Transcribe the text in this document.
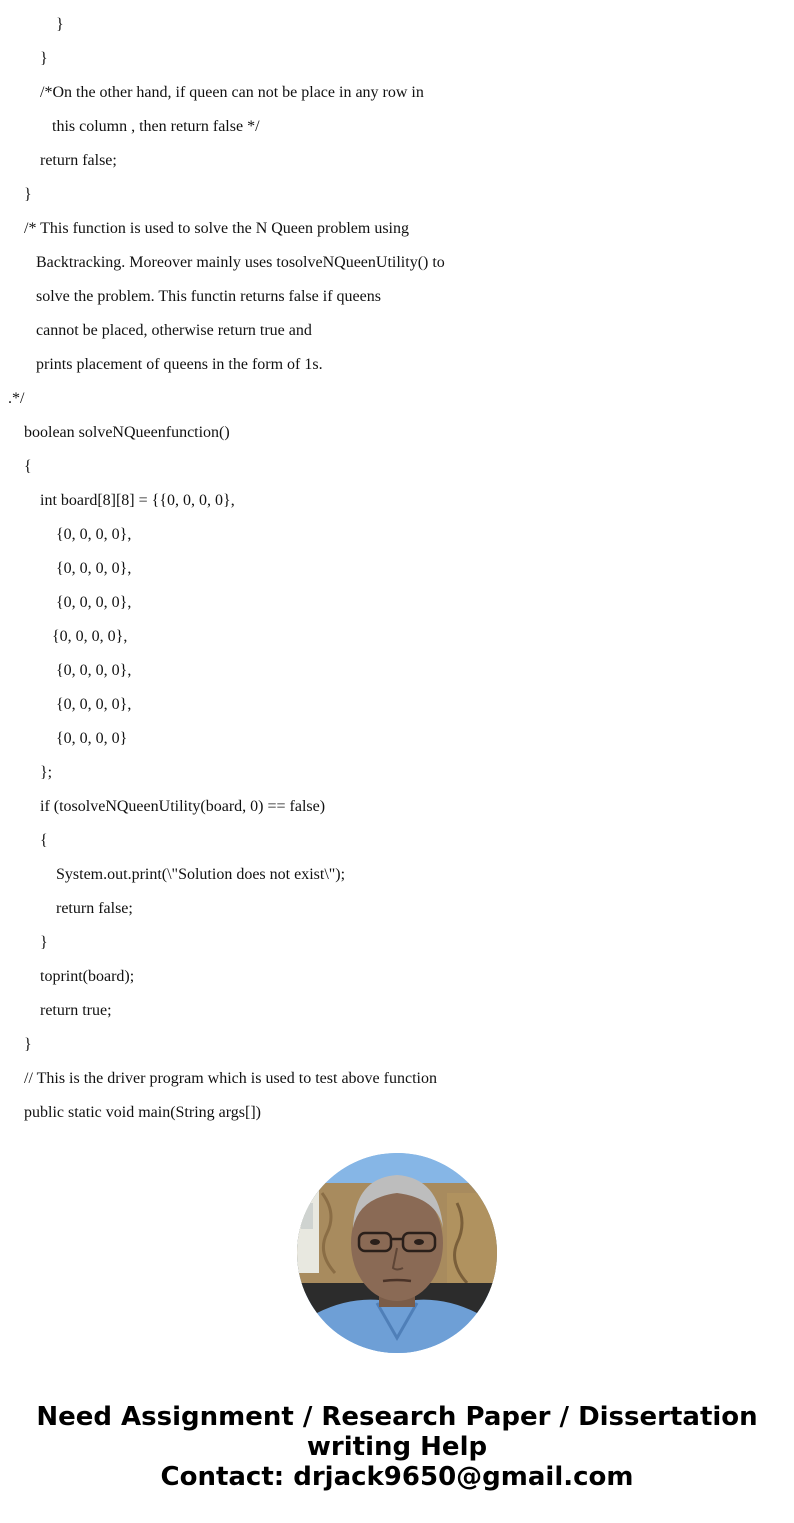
}
}
/*On the other hand, if queen can not be place in any row in
this column , then return false */
return false;
}
/* This function is used to solve the N Queen problem using
Backtracking. Moreover mainly uses tosolveNQueenUtility() to
solve the problem. This functin returns false if queens
cannot be placed, otherwise return true and
prints placement of queens in the form of 1s.
.*/
boolean solveNQueenfunction()
{
int board[8][8] = {{0, 0, 0, 0},
{0, 0, 0, 0},
{0, 0, 0, 0},
{0, 0, 0, 0},
{0, 0, 0, 0},
{0, 0, 0, 0},
{0, 0, 0, 0},
{0, 0, 0, 0}
};
if (tosolveNQueenUtility(board, 0) == false)
{
System.out.print(\"Solution does not exist\");
return false;
}
toprint(board);
return true;
}
// This is the driver program which is used to test above function
public static void main(String args[])
Need Assignment / Research Paper / Dissertation
writing Help
Contact: drjack9650@gmail.com
